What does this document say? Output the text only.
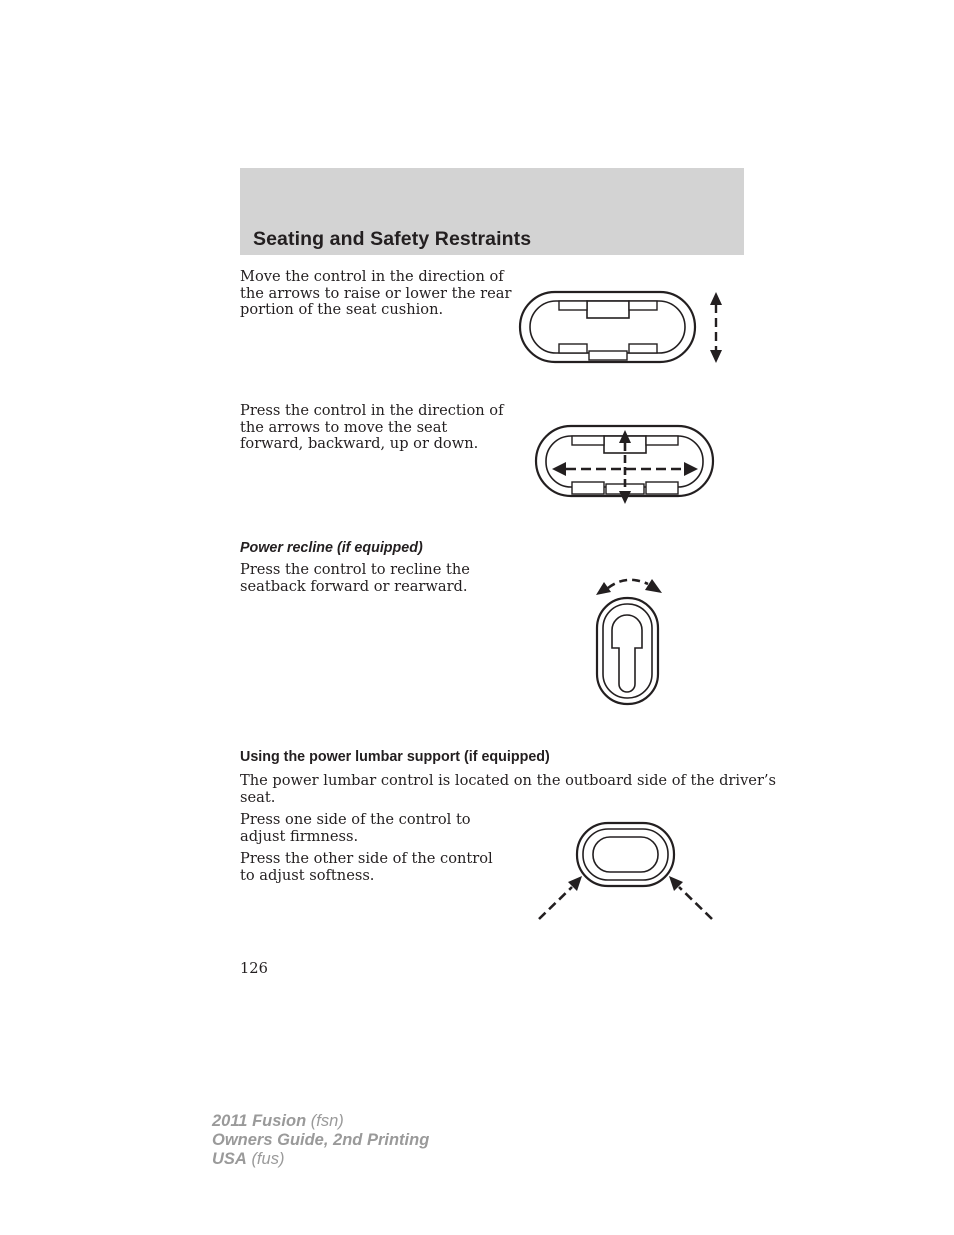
Seating and Safety Restraints

Move the control in the direction of
the arrows to raise or lower the rear
portion of the seat cushion.

Press the control in the direction of
the arrows to move the seat
forward, backward, up or down.

Power recline (if equipped)

Press the control to recline the
seatback forward or rearward.

Using the power lumbar support (if equipped)

The power lumbar control is located on the outboard side of the driver’s
seat.

Press one side of the control to
adjust firmness.

Press the other side of the control
to adjust softness.

126
2011 Fusion (fsn)
Owners Guide, 2nd Printing
USA (fus)
